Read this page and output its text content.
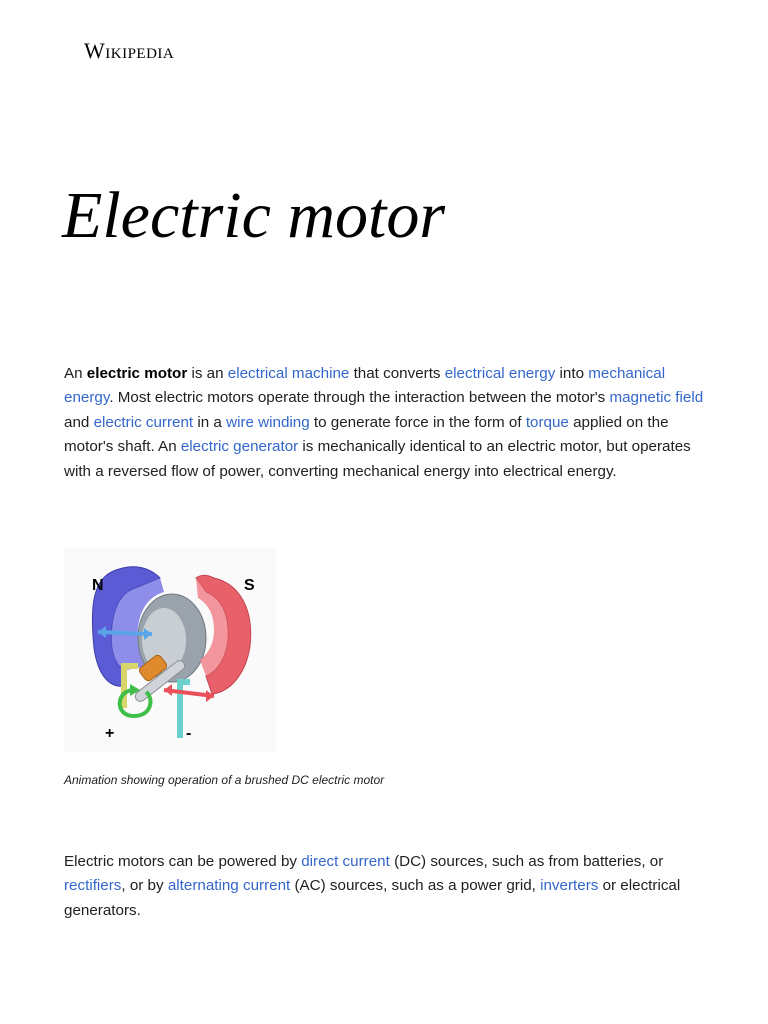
Wikipedia
Electric motor

An electric motor is an electrical machine that converts electrical energy into mechanical energy. Most electric motors operate through the interaction between the motor's magnetic field and electric current in a wire winding to generate force in the form of torque applied on the motor's shaft. An electric generator is mechanically identical to an electric motor, but operates with a reversed flow of power, converting mechanical energy into electrical energy.

N	S
+	-

Animation showing operation of a brushed DC electric motor

Electric motors can be powered by direct current (DC) sources, such as from batteries, or rectifiers, or by alternating current (AC) sources, such as a power grid, inverters or electrical generators.
